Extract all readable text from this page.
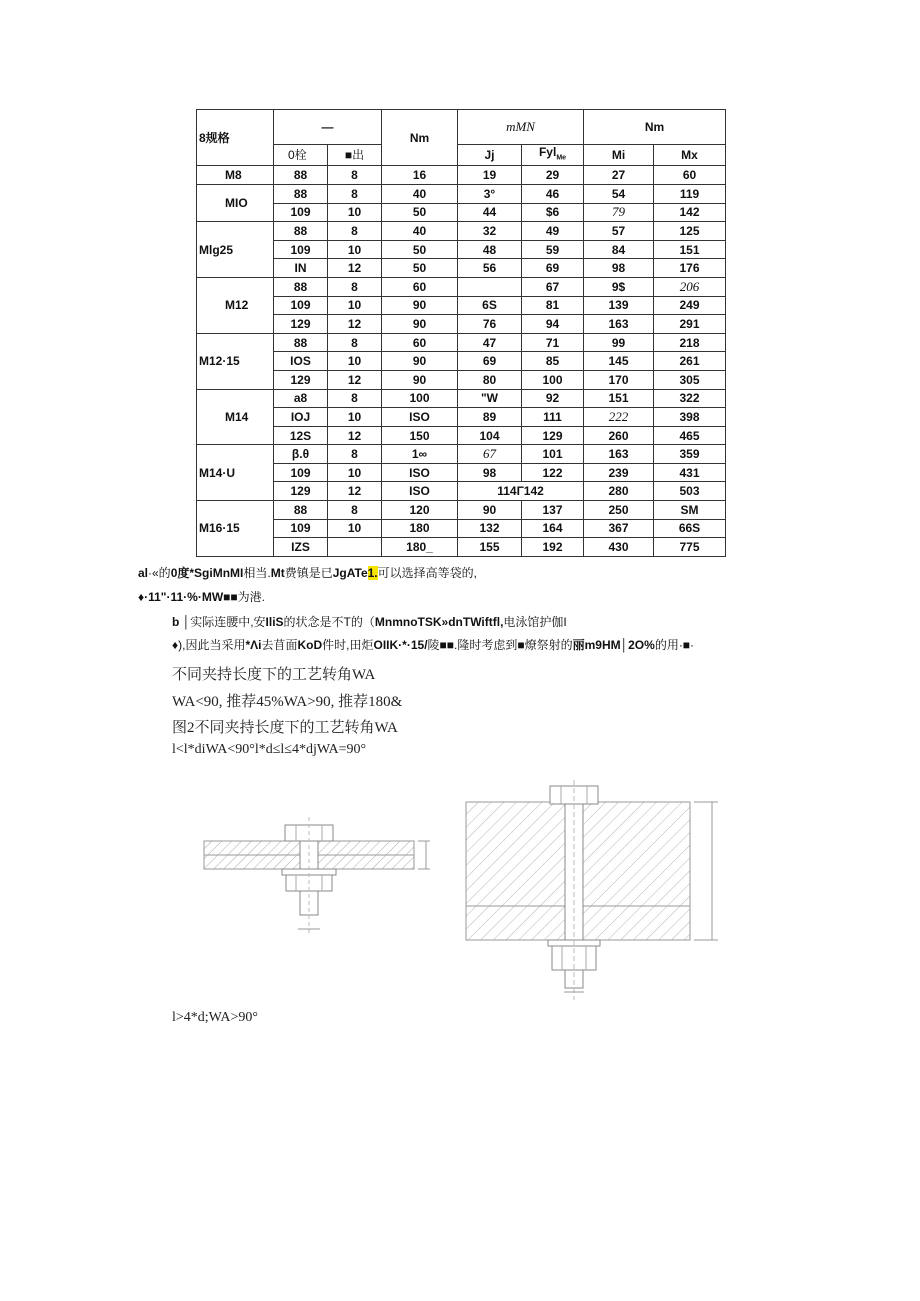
8规格	—		Nm	mMN		Nm	
	0栓	■出		Jj	Fyl$_{Me}$	Mi	Mx
M8	88	8	16	19	29	27	60
MIO	88	8	40	3°	46	54	119
	109	10	50	44	$6	79	142
Mlg25	88	8	40	32	49	57	125
	109	10	50	48	59	84	151
	IN	12	50	56	69	98	176
M12	88	8	60		67	9$	206
	109	10	90	6S	81	139	249
	129	12	90	76	94	163	291
M12·15	88	8	60	47	71	99	218
	IOS	10	90	69	85	145	261
	129	12	90	80	100	170	305
M14	a8	8	100	"W	92	151	322
	IOJ	10	ISO	89	111	222	398
	12S	12	150	104	129	260	465
M14·U	β.θ	8	1∞	67	101	163	359
	109	10	ISO	98	122	239	431
	129	12	ISO	114Γ142		280	503
M16·15	88	8	120	90	137	250	SM
	109	10	180	132	164	367	66S
	IZS		180_	155	192	430	775
al·«的0度*SgiMnMI相当.Mt费镇是已JgATe1.可以选择高等袋的,
♦·11"·11·%·MW■■为港.
b │实际连腰中,安IliS的状念是不T的（MnmnoTSK»dnTWiftfl,电泳馆护伽I
♦),因此当采用*Λi去苜面KoD件时,田炬OIIK·*·15/陵■■.隆时考虑到■燎祭射的丽m9HM│2O%的用·■·
不同夹持长度下的工艺转角WA
WA<90, 推荐45%WA>90, 推荐180&
图2不同夹持长度下的工艺转角WA
l<l*diWA<90°l*d≤l≤4*djWA=90°
l>4*d;WA>90°
